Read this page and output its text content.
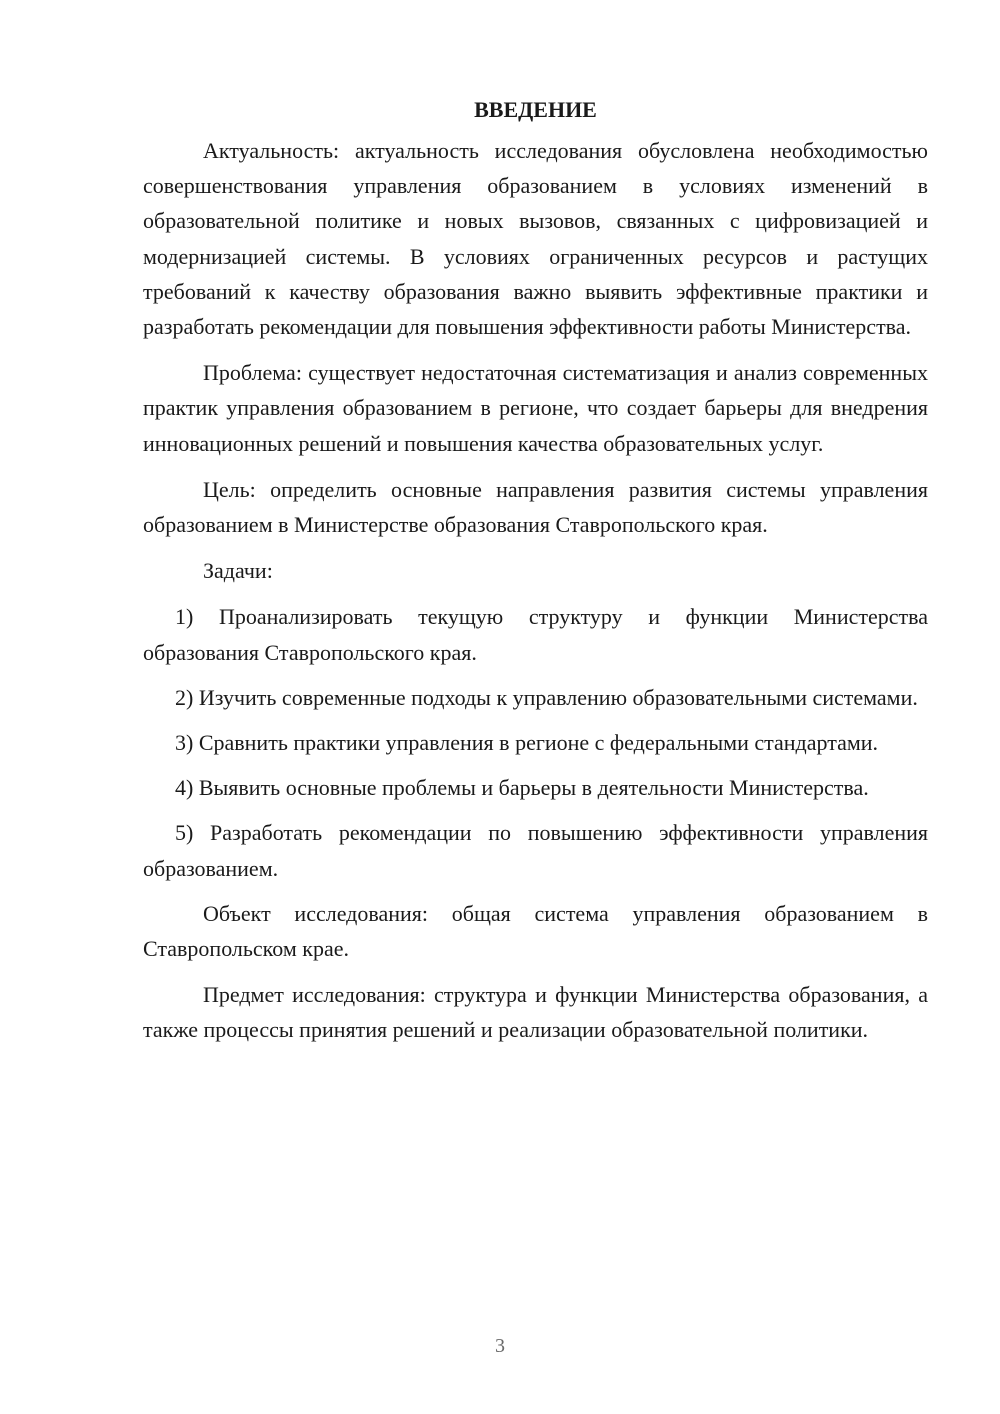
ВВЕДЕНИЕ

Актуальность: актуальность исследования обусловлена необходимостью совершенствования управления образованием в условиях изменений в образовательной политике и новых вызовов, связанных с цифровизацией и модернизацией системы. В условиях ограниченных ресурсов и растущих требований к качеству образования важно выявить эффективные практики и разработать рекомендации для повышения эффективности работы Министерства.

Проблема: существует недостаточная систематизация и анализ современных практик управления образованием в регионе, что создает барьеры для внедрения инновационных решений и повышения качества образовательных услуг.

Цель: определить основные направления развития системы управления образованием в Министерстве образования Ставропольского края.

Задачи:

1) Проанализировать текущую структуру и функции Министерства образования Ставропольского края.

2) Изучить современные подходы к управлению образовательными системами.

3) Сравнить практики управления в регионе с федеральными стандартами.

4) Выявить основные проблемы и барьеры в деятельности Министерства.

5) Разработать рекомендации по повышению эффективности управления образованием.

Объект исследования: общая система управления образованием в Ставропольском крае.

Предмет исследования: структура и функции Министерства образования, а также процессы принятия решений и реализации образовательной политики.

3
